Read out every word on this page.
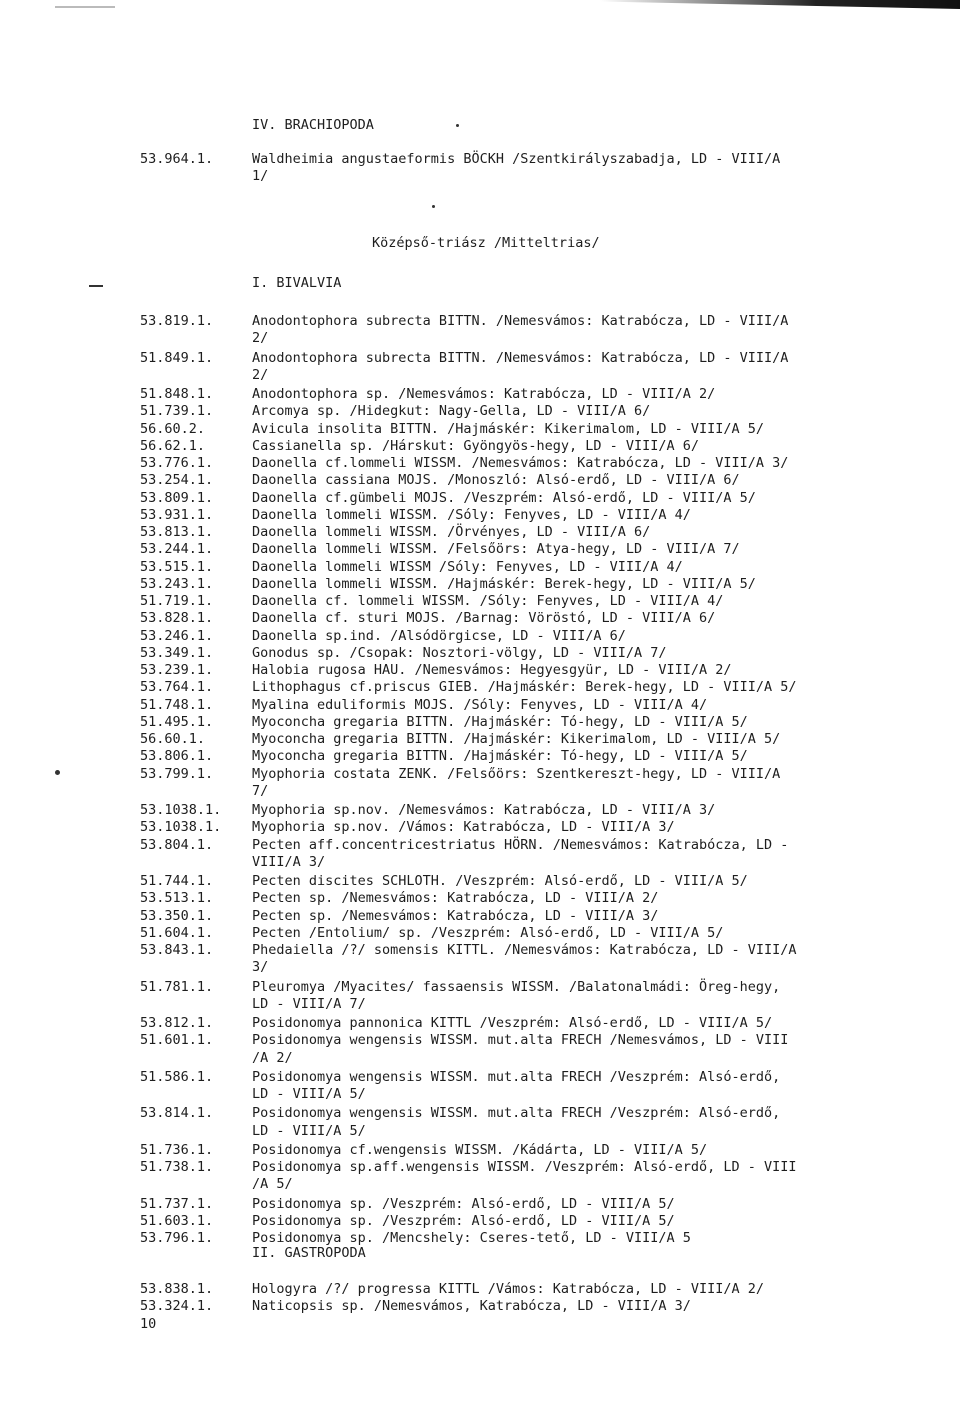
IV. BRACHIOPODA
53.964.1.	Waldheimia angustaeformis BÖCKH /Szentkirályszabadja, LD - VIII/A
1/
Középső-triász /Mitteltrias/
I. BIVALVIA
53.819.1.	Anodontophora subrecta BITTN. /Nemesvámos: Katrabócza, LD - VIII/A
2/
51.849.1.	Anodontophora subrecta BITTN. /Nemesvámos: Katrabócza, LD - VIII/A
2/
51.848.1.	Anodontophora sp. /Nemesvámos: Katrabócza, LD - VIII/A 2/
51.739.1.	Arcomya sp. /Hidegkut: Nagy-Gella, LD - VIII/A 6/
56.60.2.	Avicula insolita BITTN. /Hajmáskér: Kikerimalom, LD - VIII/A 5/
56.62.1.	Cassianella sp. /Hárskut: Gyöngyös-hegy, LD - VIII/A 6/
53.776.1.	Daonella cf.lommeli WISSM. /Nemesvámos: Katrabócza, LD - VIII/A 3/
53.254.1.	Daonella cassiana MOJS. /Monoszló: Alsó-erdő, LD - VIII/A 6/
53.809.1.	Daonella cf.gümbeli MOJS. /Veszprém: Alsó-erdő, LD - VIII/A 5/
53.931.1.	Daonella lommeli WISSM. /Sóly: Fenyves, LD - VIII/A 4/
53.813.1.	Daonella lommeli WISSM. /Örvényes, LD - VIII/A 6/
53.244.1.	Daonella lommeli WISSM. /Felsőörs: Atya-hegy, LD - VIII/A 7/
53.515.1.	Daonella lommeli WISSM /Sóly: Fenyves, LD - VIII/A 4/
53.243.1.	Daonella lommeli WISSM. /Hajmáskér: Berek-hegy, LD - VIII/A 5/
51.719.1.	Daonella cf. lommeli WISSM. /Sóly: Fenyves, LD - VIII/A 4/
53.828.1.	Daonella cf. sturi MOJS. /Barnag: Vöröstó, LD - VIII/A 6/
53.246.1.	Daonella sp.ind. /Alsódörgicse, LD - VIII/A 6/
53.349.1.	Gonodus sp. /Csopak: Nosztori-völgy, LD - VIII/A 7/
53.239.1.	Halobia rugosa HAU. /Nemesvámos: Hegyesgyür, LD - VIII/A 2/
53.764.1.	Lithophagus cf.priscus GIEB. /Hajmáskér: Berek-hegy, LD - VIII/A 5/
51.748.1.	Myalina eduliformis MOJS. /Sóly: Fenyves, LD - VIII/A 4/
51.495.1.	Myoconcha gregaria BITTN. /Hajmáskér: Tó-hegy, LD - VIII/A 5/
56.60.1.	Myoconcha gregaria BITTN. /Hajmáskér: Kikerimalom, LD - VIII/A 5/
53.806.1.	Myoconcha gregaria BITTN. /Hajmáskér: Tó-hegy, LD - VIII/A 5/
53.799.1.	Myophoria costata ZENK. /Felsőörs: Szentkereszt-hegy, LD - VIII/A
7/
53.1038.1.	Myophoria sp.nov. /Nemesvámos: Katrabócza, LD - VIII/A 3/
53.1038.1.	Myophoria sp.nov. /Vámos: Katrabócza, LD - VIII/A 3/
53.804.1.	Pecten aff.concentricestriatus HÖRN. /Nemesvámos: Katrabócza, LD -
VIII/A 3/
51.744.1.	Pecten discites SCHLOTH. /Veszprém: Alsó-erdő, LD - VIII/A 5/
53.513.1.	Pecten sp. /Nemesvámos: Katrabócza, LD - VIII/A 2/
53.350.1.	Pecten sp. /Nemesvámos: Katrabócza, LD - VIII/A 3/
51.604.1.	Pecten /Entolium/ sp. /Veszprém: Alsó-erdő, LD - VIII/A 5/
53.843.1.	Phedaiella /?/ somensis KITTL. /Nemesvámos: Katrabócza, LD - VIII/A
3/
51.781.1.	Pleuromya /Myacites/ fassaensis WISSM. /Balatonalmádi: Öreg-hegy,
LD - VIII/A 7/
53.812.1.	Posidonomya pannonica KITTL /Veszprém: Alsó-erdő, LD - VIII/A 5/
51.601.1.	Posidonomya wengensis WISSM. mut.alta FRECH /Nemesvámos, LD - VIII
/A 2/
51.586.1.	Posidonomya wengensis WISSM. mut.alta FRECH /Veszprém: Alsó-erdő,
LD - VIII/A 5/
53.814.1.	Posidonomya wengensis WISSM. mut.alta FRECH /Veszprém: Alsó-erdő,
LD - VIII/A 5/
51.736.1.	Posidonomya cf.wengensis WISSM. /Kádárta, LD - VIII/A 5/
51.738.1.	Posidonomya sp.aff.wengensis WISSM. /Veszprém: Alsó-erdő, LD - VIII
/A 5/
51.737.1.	Posidonomya sp. /Veszprém: Alsó-erdő, LD - VIII/A 5/
51.603.1.	Posidonomya sp. /Veszprém: Alsó-erdő, LD - VIII/A 5/
53.796.1.	Posidonomya sp. /Mencshely: Cseres-tető, LD - VIII/A 5
II. GASTROPODA
53.838.1.	Hologyra /?/ progressa KITTL /Vámos: Katrabócza, LD - VIII/A 2/
53.324.1.	Naticopsis sp. /Nemesvámos, Katrabócza, LD - VIII/A 3/
10
